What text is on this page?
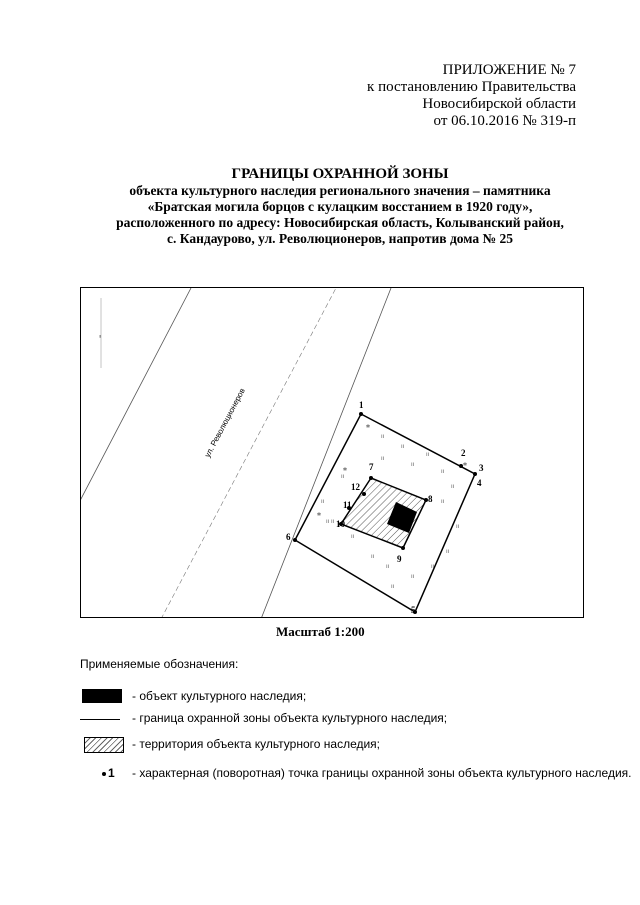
ПРИЛОЖЕНИЕ № 7
к постановлению Правительства
Новосибирской области
от 06.10.2016 № 319-п
ГРАНИЦЫ ОХРАННОЙ ЗОНЫ
объекта культурного наследия регионального значения – памятника
«Братская могила борцов с кулацким восстанием в 1920 году»,
расположенного по адресу: Новосибирская область, Колыванский район,
с. Кандаурово, ул. Революционеров, напротив дома № 25
≡
ул. Революционеров	ıı
ıı
ıı
ıı
ıı
ıı
ıı
ıı
ıı
ıı
ıı
ıı
ıı
ıı
ıı
ıı
ıı
ıı
ıı
ıı
⁎
⁎
⁎
⁎
1
2
3
4
5
6
7
8
9
10
11
12
Масштаб 1:200
Применяемые обозначения:
- объект культурного наследия;
- граница охранной зоны объекта культурного наследия;
- территория объекта культурного наследия;
1	- характерная (поворотная) точка границы охранной зоны объекта культурного наследия.
